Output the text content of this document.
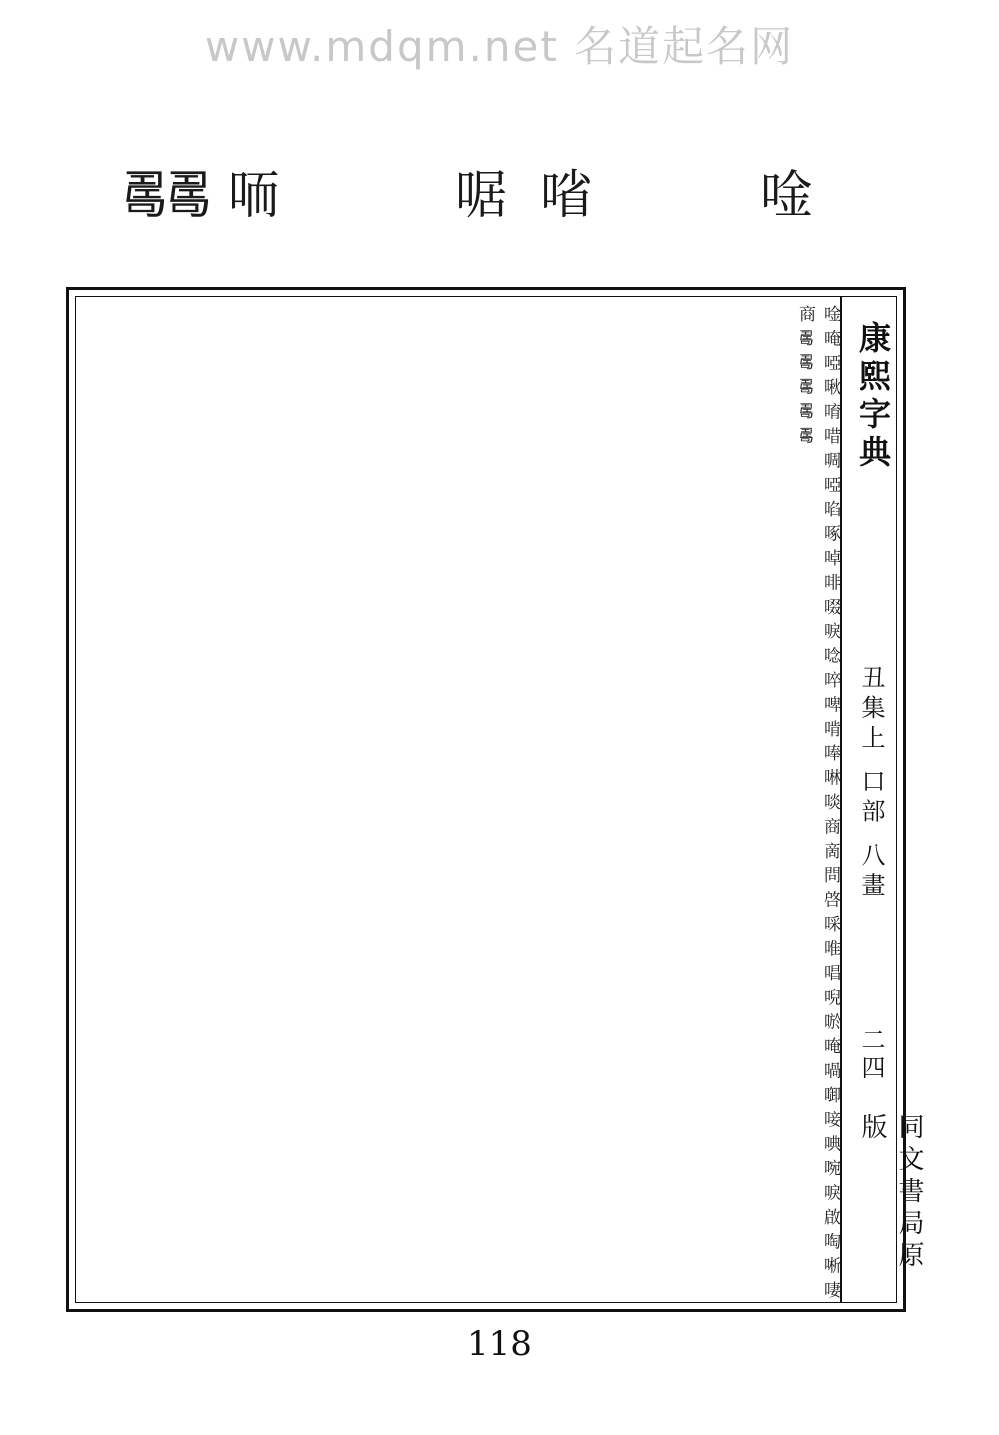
www.mdqm.net 名道起名网
唫
㗂
啹
㖇
𠷎
𠷎
康熙字典
丑集上 口部 八畫
二四
同文書局原版
唫 唵 啞 啾 唷 唶 啁 啞 啗 啄 啅 啡 啜 唳 唸 啐 啤 啃 唪 啉 啖 商 啇 問 啓 啋 唯 唱 唲 唹 唵 喎 啣 唼 唺 啘 唳 啟 啕 唽 啛 商 𠷎 𠷎 𠷎 𠷎 𠷎
118
